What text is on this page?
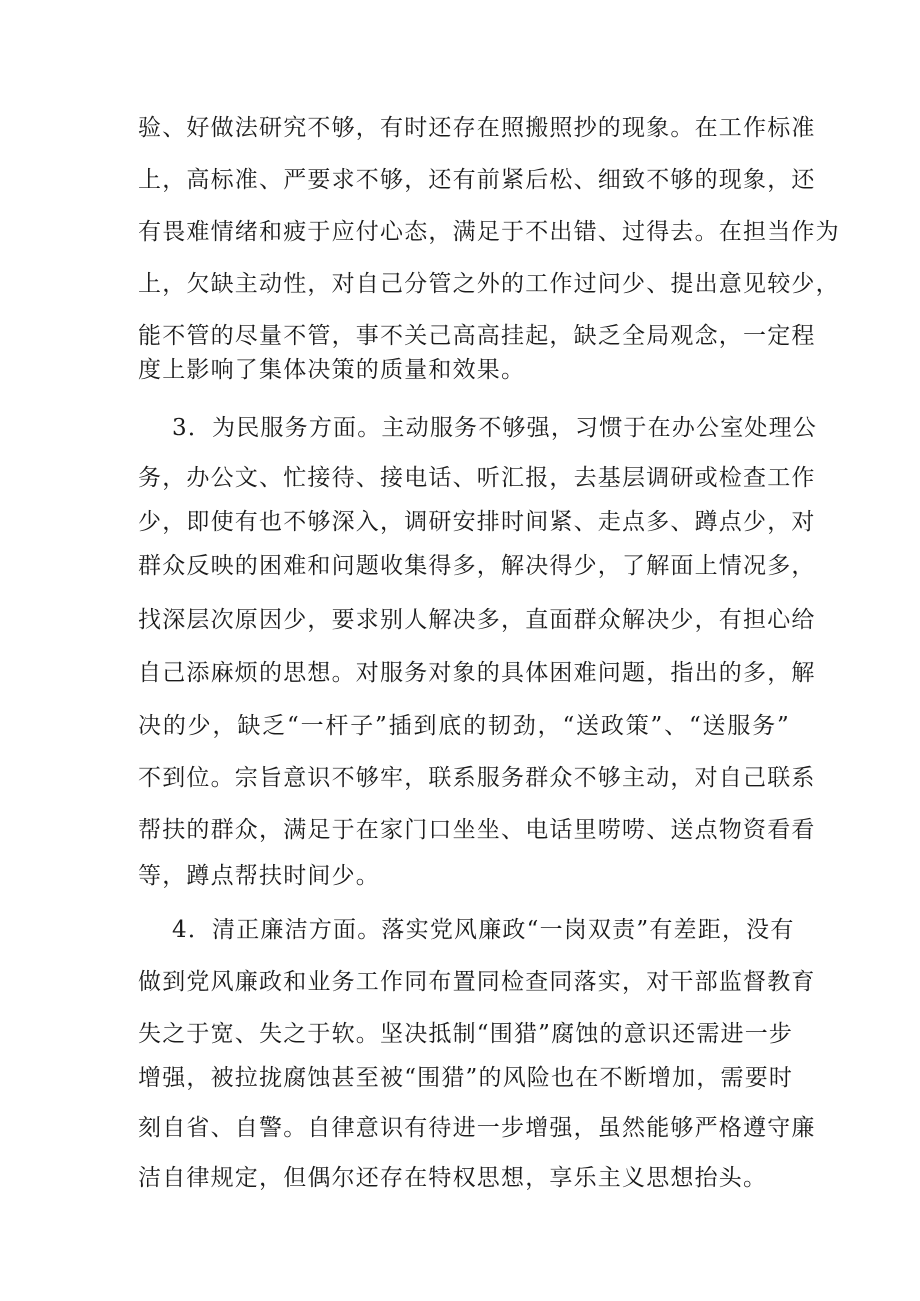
验、好做法研究不够，有时还存在照搬照抄的现象。在工作标准
上，高标准、严要求不够，还有前紧后松、细致不够的现象，还
有畏难情绪和疲于应付心态，满足于不出错、过得去。在担当作为
上，欠缺主动性，对自己分管之外的工作过问少、提出意见较少，
能不管的尽量不管，事不关己高高挂起，缺乏全局观念，一定程
度上影响了集体决策的质量和效果。
3．为民服务方面。主动服务不够强，习惯于在办公室处理公
务，办公文、忙接待、接电话、听汇报，去基层调研或检查工作
少，即使有也不够深入，调研安排时间紧、走点多、蹲点少，对
群众反映的困难和问题收集得多，解决得少，了解面上情况多，
找深层次原因少，要求别人解决多，直面群众解决少，有担心给
自己添麻烦的思想。对服务对象的具体困难问题，指出的多，解
决的少，缺乏“一杆子”插到底的韧劲，“送政策”、“送服务”
不到位。宗旨意识不够牢，联系服务群众不够主动，对自己联系
帮扶的群众，满足于在家门口坐坐、电话里唠唠、送点物资看看
等，蹲点帮扶时间少。
4．清正廉洁方面。落实党风廉政“一岗双责”有差距，没有
做到党风廉政和业务工作同布置同检查同落实，对干部监督教育
失之于宽、失之于软。坚决抵制“围猎”腐蚀的意识还需进一步
增强，被拉拢腐蚀甚至被“围猎”的风险也在不断增加，需要时
刻自省、自警。自律意识有待进一步增强，虽然能够严格遵守廉
洁自律规定，但偶尔还存在特权思想，享乐主义思想抬头。
